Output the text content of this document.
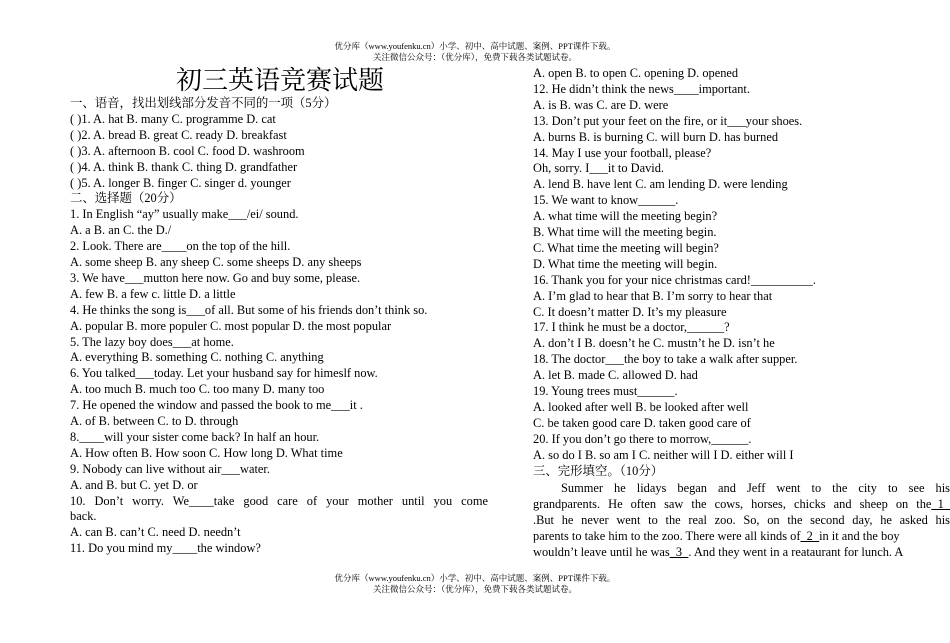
优分库（www.youfenku.cn）小学、初中、高中试题、案例、PPT课件下载。
关注微信公众号：（优分库），免费下载各类试题试卷。
初三英语竞赛试题
一、语音，找出划线部分发音不同的一项（5分）
( )1. A. hat B. many C. programme D. cat
( )2. A. bread B. great C. ready D. breakfast
( )3. A. afternoon B. cool C. food D. washroom
( )4. A. think B. thank C. thing D. grandfather
( )5. A. longer B. finger C. singer d. younger
二、选择题（20分）
1. In English “ay” usually make___/ei/ sound.
A. a B. an C. the D./
2. Look. There are____on the top of the hill.
A. some sheep B. any sheep C. some sheeps D. any sheeps
3. We have___mutton here now. Go and buy some, please.
A. few B. a few c. little D. a little
4. He thinks the song is___of all. But some of his friends don’t think so.
A. popular B. more populer C. most popular D. the most popular
5. The lazy boy does___at home.
A. everything B. something C. nothing C. anything
6. You talked___today. Let your husband say for himeslf now.
A. too much B. much too C. too many D. many too
7. He opened the window and passed the book to me___it .
A. of B. between C. to D. through
8.____will your sister come back? In half an hour.
A. How often B. How soon C. How long D. What time
9. Nobody can live without air___water.
A. and B. but C. yet D. or
10. Don’t worry. We____take good care of your mother until you come
back.
A. can B. can’t C. need D. needn’t
11. Do you mind my____the window?
Summer he lidays began and Jeff went to the city to see his
grandparents. He often saw the cows, horses, chicks and sheep on the_1_
.But he never went to the real zoo. So, on the second day, he asked his
parents to take him to the zoo. There were all kinds of_2_in it and the boy
wouldn’t leave until he was_3_. And they went in a reataurant for lunch. A
A. open B. to open C. opening D. opened
12. He didn’t think the news____important.
A. is B. was C. are D. were
13. Don’t put your feet on the fire, or it___your shoes.
A. burns B. is burning C. will burn D. has burned
14. May I use your football, please?
Oh, sorry. I___it to David.
A. lend B. have lent C. am lending D. were lending
15. We want to know______.
A. what time will the meeting begin?
B. What time will the meeting begin.
C. What time the meeting will begin?
D. What time the meeting will begin.
16. Thank you for your nice christmas card!__________.
A. I’m glad to hear that B. I’m sorry to hear that
C. It doesn’t matter D. It’s my pleasure
17. I think he must be a doctor,______?
A. don’t I B. doesn’t he C. mustn’t he D. isn’t he
18. The doctor___the boy to take a walk after supper.
A. let B. made C. allowed D. had
19. Young trees must______.
A. looked after well B. be looked after well
C. be taken good care D. taken good care of
20. If you don’t go there to morrow,______.
A. so do I B. so am I C. neither will I D. either will I
三、完形填空。（10分）
优分库（www.youfenku.cn）小学、初中、高中试题、案例、PPT课件下载。
关注微信公众号：（优分库），免费下载各类试题试卷。
